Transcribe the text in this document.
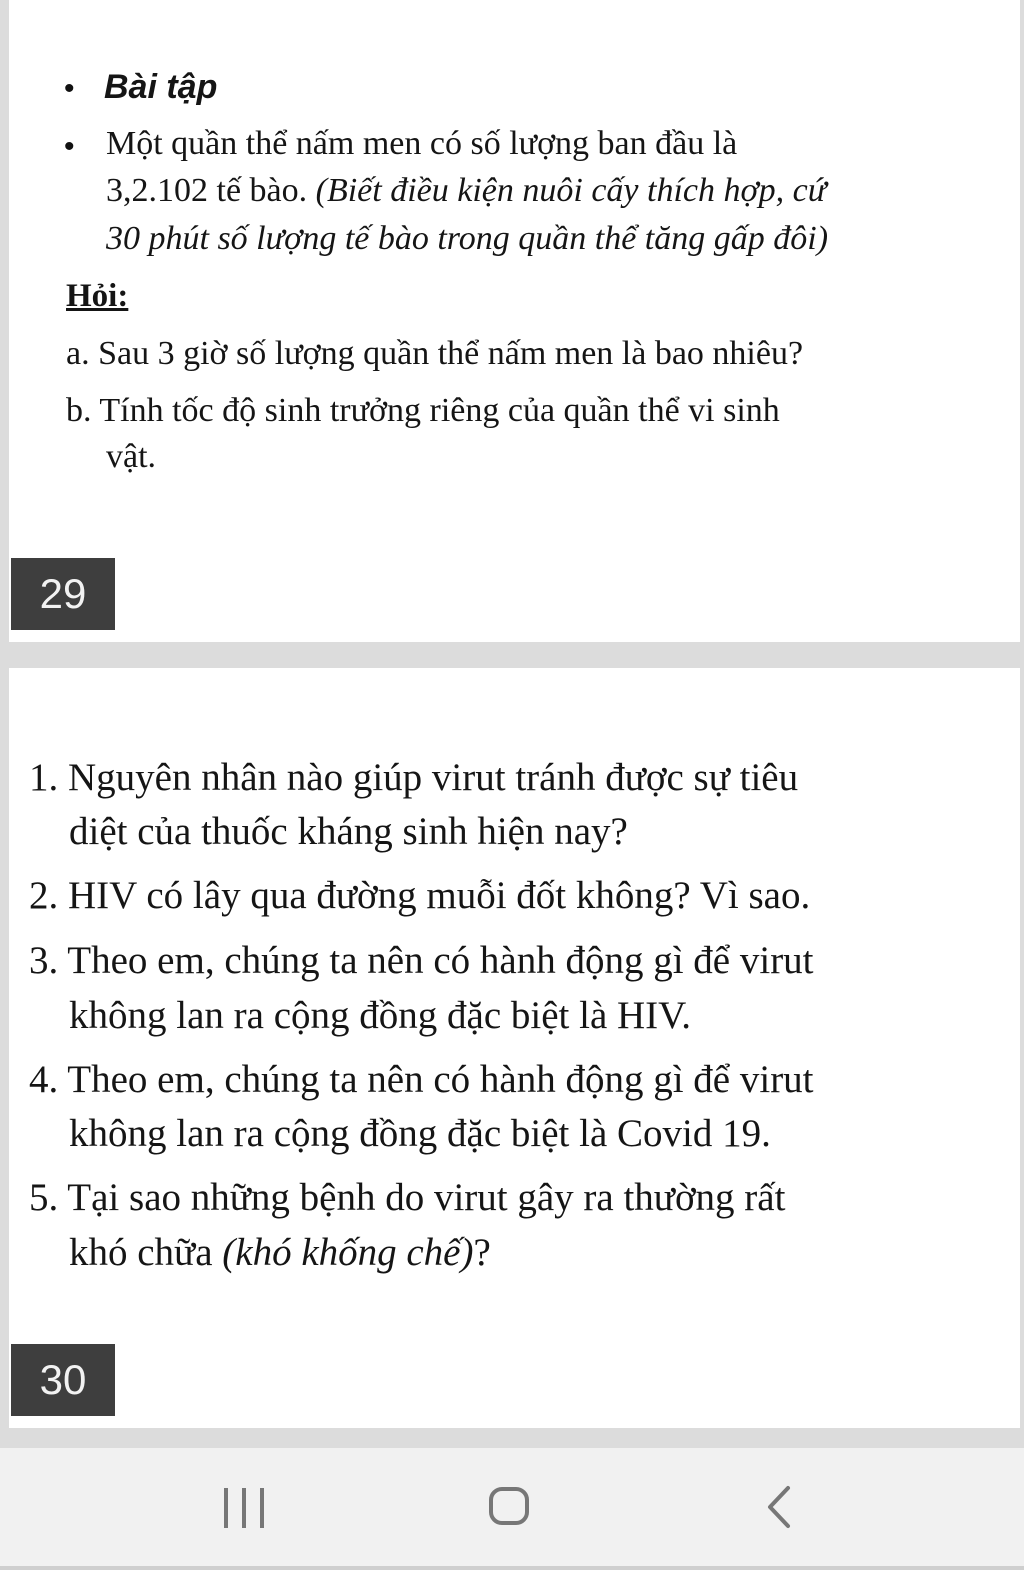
• Bài tập
• Một quần thể nấm men có số lượng ban đầu là
3,2.102 tế bào. (Biết điều kiện nuôi cấy thích hợp, cứ
30 phút số lượng tế bào trong quần thể tăng gấp đôi)
Hỏi:
a. Sau 3 giờ số lượng quần thể nấm men là bao nhiêu?
b. Tính tốc độ sinh trưởng riêng của quần thể vi sinh
vật.
29
1. Nguyên nhân nào giúp virut tránh được sự tiêu
diệt của thuốc kháng sinh hiện nay?
2. HIV có lây qua đường muỗi đốt không? Vì sao.
3. Theo em, chúng ta nên có hành động gì để virut
không lan ra cộng đồng đặc biệt là HIV.
4. Theo em, chúng ta nên có hành động gì để virut
không lan ra cộng đồng đặc biệt là Covid 19.
5. Tại sao những bệnh do virut gây ra thường rất
khó chữa (khó khống chế)?
30
